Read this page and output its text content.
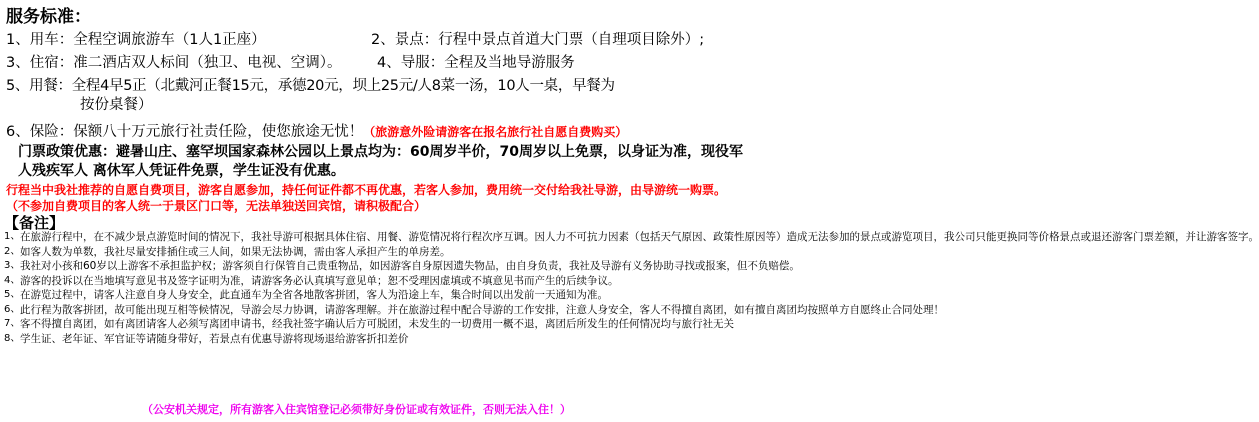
服务标准：
1、用车：全程空调旅游车（1人1正座）	2、景点：行程中景点首道大门票（自理项目除外）;
3、住宿：准二酒店双人标间（独卫、电视、空调）。 4、导服：全程及当地导游服务
5、用餐：全程4早5正（北戴河正餐15元，承德20元，坝上25元/人8菜一汤，10人一桌，早餐为
按份桌餐）
6、保险：保额八十万元旅行社责任险，使您旅途无忧！（旅游意外险请游客在报名旅行社自愿自费购买）
门票政策优惠：避暑山庄、塞罕坝国家森林公园以上景点均为：60周岁半价，70周岁以上免票，以身证为准，现役军人残疾军人 离休军人凭证件免票，学生证没有优惠。
行程当中我社推荐的自愿自费项目，游客自愿参加，持任何证件都不再优惠，若客人参加，费用统一交付给我社导游，由导游统一购票。（不参加自费项目的客人统一于景区门口等，无法单独送回宾馆，请积极配合）
【备注】
1、 在旅游行程中，在不减少景点游览时间的情况下，我社导游可根据具体住宿、用餐、游览情况将行程次序互调。因人力不可抗力因素（包括天气原因、政策性原因等）造成无法参加的景点或游览项目，我公司只能更换同等价格景点或退还游客门票差额，并让游客签字。
2、 如客人数为单数，我社尽量安排插住或三人间，如果无法协调，需由客人承担产生的单房差。
3、 我社对小孩和60岁以上游客不承担监护权；游客须自行保管自己贵重物品，如因游客自身原因遗失物品，由自身负责，我社及导游有义务协助寻找或报案，但不负赔偿。
4、 游客的投诉以在当地填写意见书及签字证明为准，请游客务必认真填写意见单；恕不受理因虚填或不填意见书而产生的后续争议。
5、 在游览过程中，请客人注意自身人身安全，此直通车为全省各地散客拼团，客人为沿途上车，集合时间以出发前一天通知为准。
6、 此行程为散客拼团，故可能出现互相等候情况，导游会尽力协调，请游客理解。并在旅游过程中配合导游的工作安排，注意人身安全，客人不得擅自离团，如有擅自离团均按照单方自愿终止合同处理！
7、 客不得擅自离团，如有离团请客人必须写离团申请书，经我社签字确认后方可脱团，未发生的一切费用一概不退，离团后所发生的任何情况均与旅行社无关
8、 学生证、老年证、军官证等请随身带好，若景点有优惠导游将现场退给游客折扣差价
（公安机关规定，所有游客入住宾馆登记必须带好身份证或有效证件，否则无法入住！）
